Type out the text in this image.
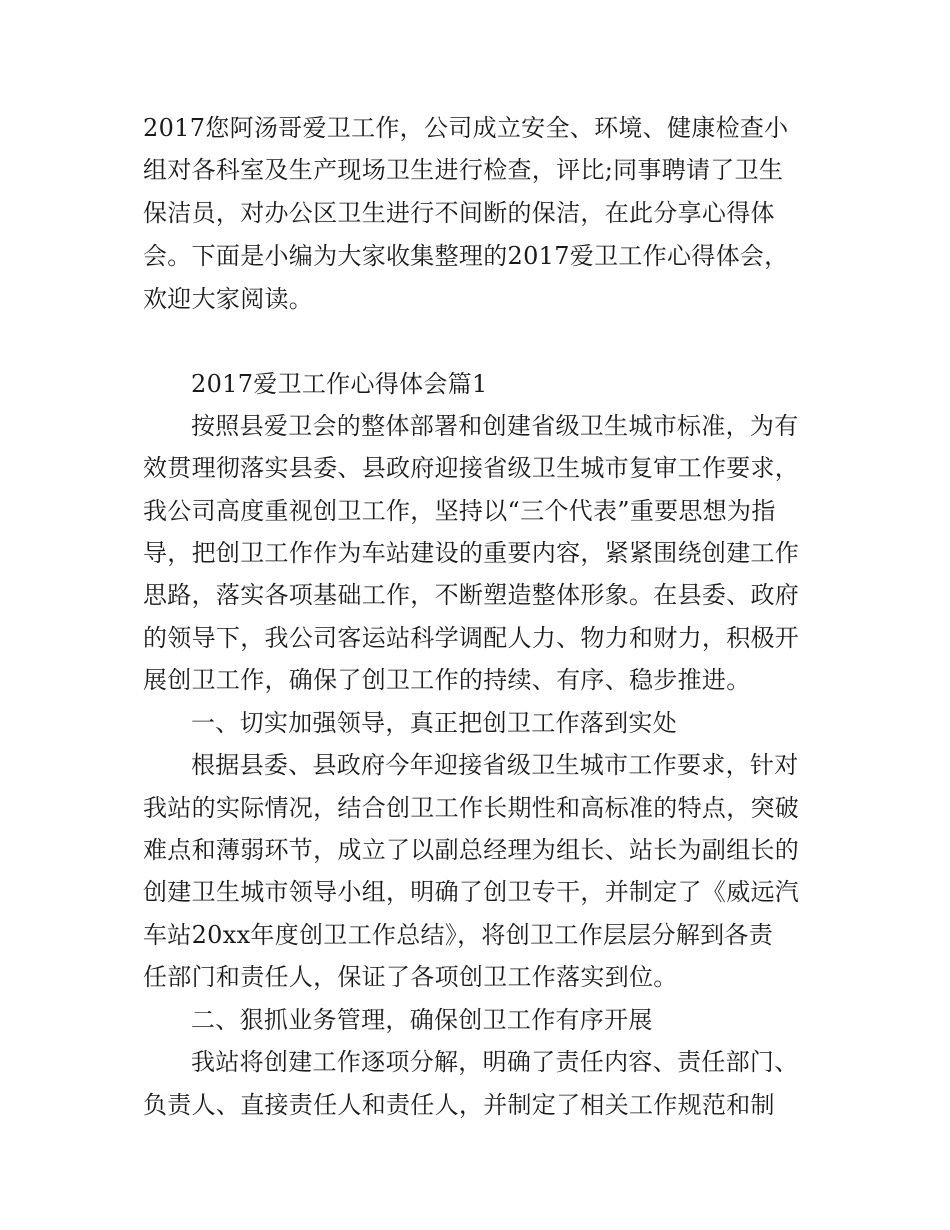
2017您阿汤哥爱卫工作，公司成立安全、环境、健康检查小
组对各科室及生产现场卫生进行检查，评比;同事聘请了卫生
保洁员，对办公区卫生进行不间断的保洁，在此分享心得体
会。下面是小编为大家收集整理的2017爱卫工作心得体会，
欢迎大家阅读。
2017爱卫工作心得体会篇1
按照县爱卫会的整体部署和创建省级卫生城市标准，为有
效贯理彻落实县委、县政府迎接省级卫生城市复审工作要求，
我公司高度重视创卫工作，坚持以“三个代表”重要思想为指
导，把创卫工作作为车站建设的重要内容，紧紧围绕创建工作
思路，落实各项基础工作，不断塑造整体形象。在县委、政府
的领导下，我公司客运站科学调配人力、物力和财力，积极开
展创卫工作，确保了创卫工作的持续、有序、稳步推进。
一、切实加强领导，真正把创卫工作落到实处
根据县委、县政府今年迎接省级卫生城市工作要求，针对
我站的实际情况，结合创卫工作长期性和高标准的特点，突破
难点和薄弱环节，成立了以副总经理为组长、站长为副组长的
创建卫生城市领导小组，明确了创卫专干，并制定了《威远汽
车站20xx年度创卫工作总结》，将创卫工作层层分解到各责
任部门和责任人，保证了各项创卫工作落实到位。
二、狠抓业务管理，确保创卫工作有序开展
我站将创建工作逐项分解，明确了责任内容、责任部门、
负责人、直接责任人和责任人，并制定了相关工作规范和制
